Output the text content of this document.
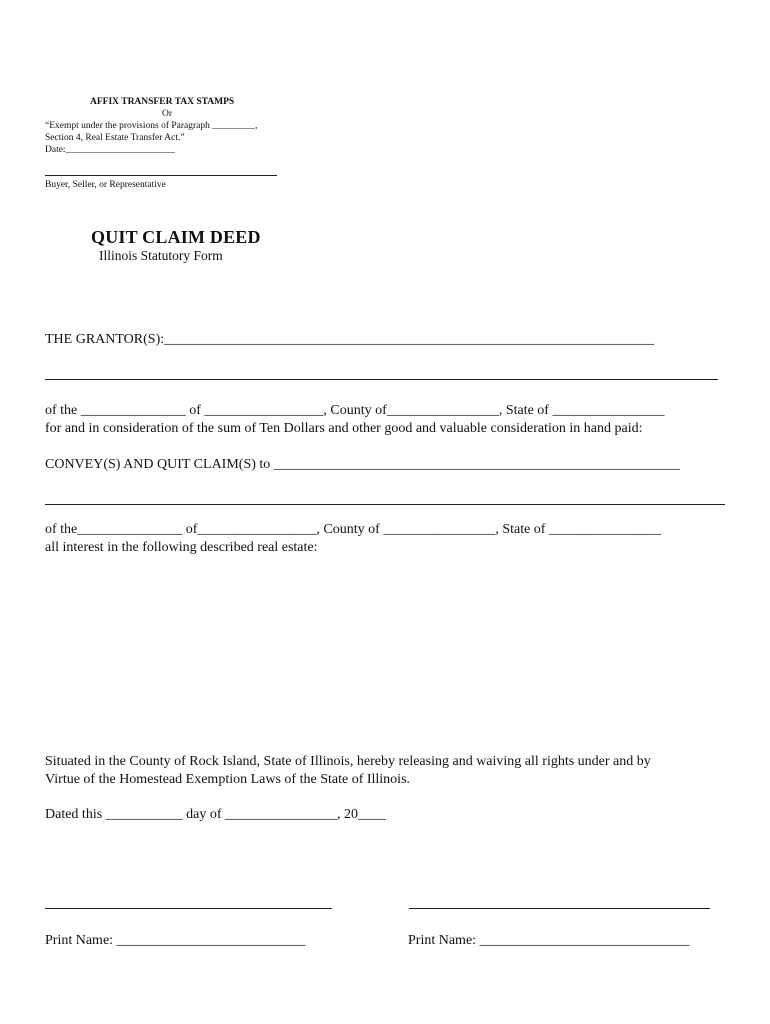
AFFIX TRANSFER TAX STAMPS
Or
“Exempt under the provisions of Paragraph _________,
Section 4, Real Estate Transfer Act.”
Date:_______________________
Buyer, Seller, or Representative
QUIT CLAIM DEED
Illinois Statutory Form
THE GRANTOR(S):______________________________________________________________________
of the _______________ of _________________, County of________________, State of ________________
for and in consideration of the sum of Ten Dollars and other good and valuable consideration in hand paid:
CONVEY(S) AND QUIT CLAIM(S) to __________________________________________________________
of the_______________ of_________________, County of ________________, State of ________________
all interest in the following described real estate:
Situated in the County of Rock Island, State of Illinois, hereby releasing and waiving all rights under and by
Virtue of the Homestead Exemption Laws of the State of Illinois.
Dated this ___________ day of ________________, 20____
Print Name: ___________________________	Print Name: ______________________________
